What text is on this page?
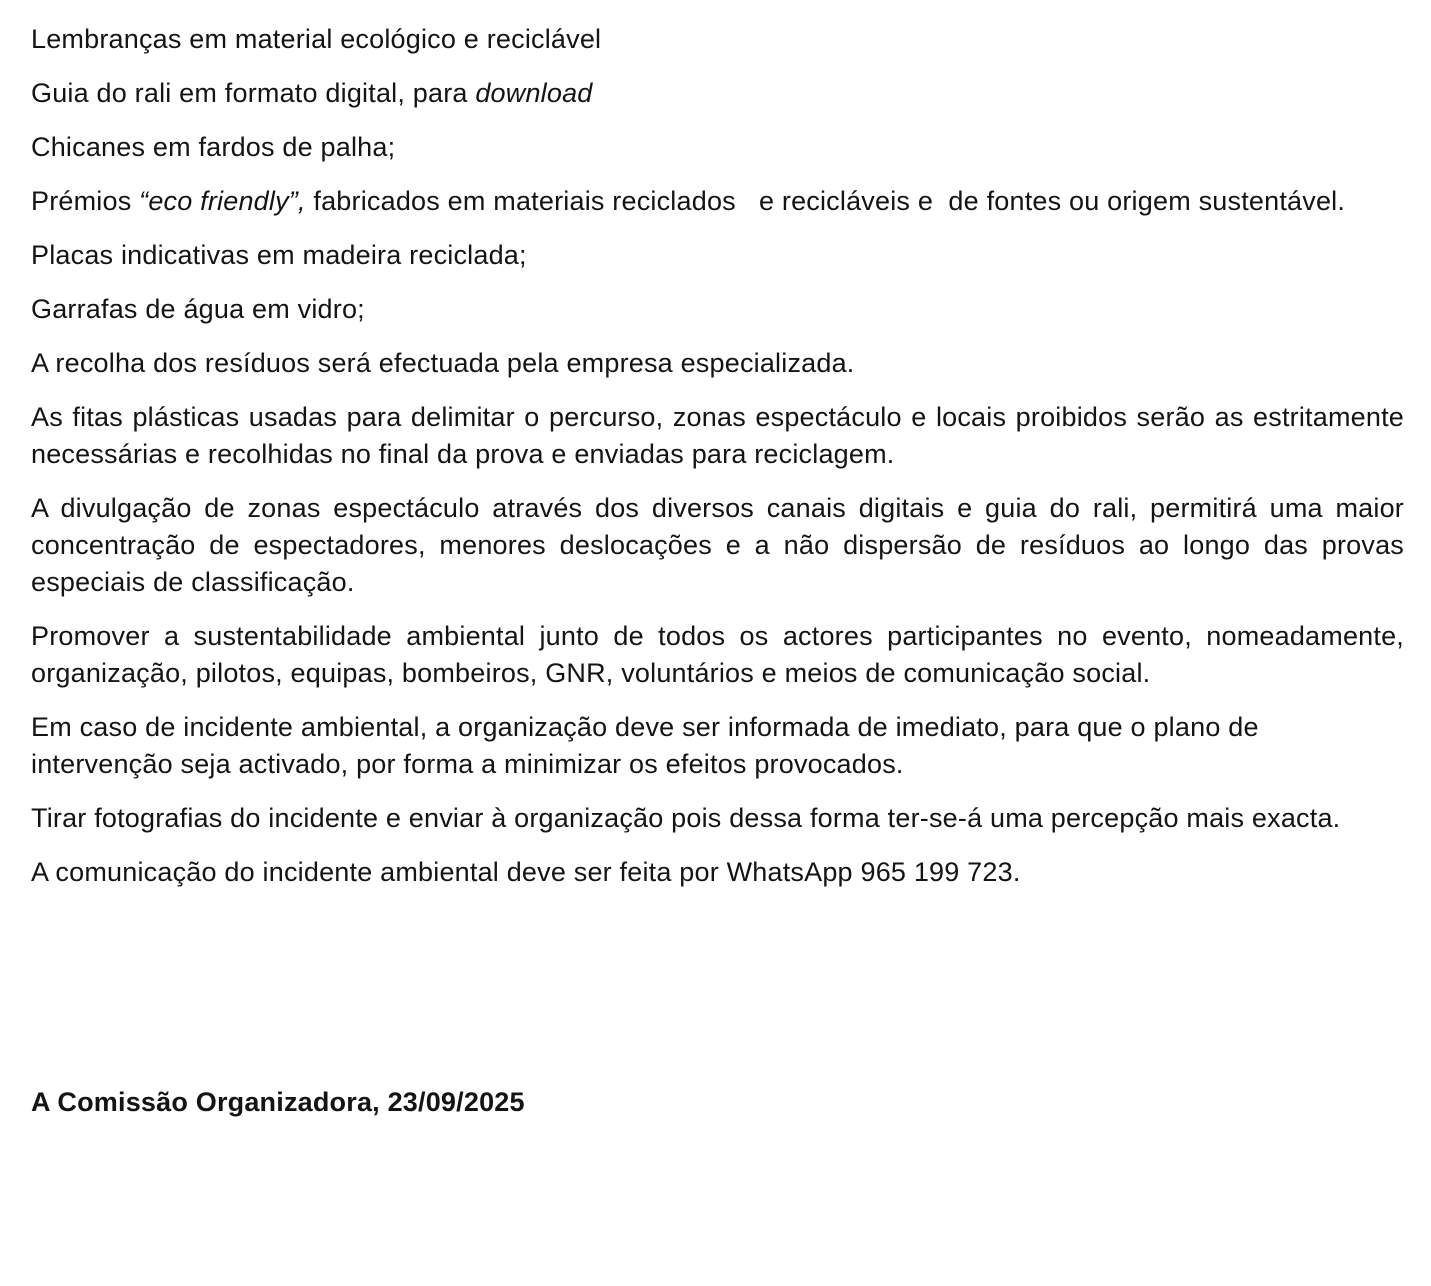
Lembranças em material ecológico e reciclável

Guia do rali em formato digital, para download

Chicanes em fardos de palha;

Prémios “eco friendly”, fabricados em materiais reciclados   e recicláveis e  de fontes ou origem sustentável.

Placas indicativas em madeira reciclada;

Garrafas de água em vidro;

A recolha dos resíduos será efectuada pela empresa especializada.

As fitas plásticas usadas para delimitar o percurso, zonas espectáculo e locais proibidos serão as estritamente necessárias e recolhidas no final da prova e enviadas para reciclagem.

A divulgação de zonas espectáculo através dos diversos canais digitais e guia do rali, permitirá uma maior concentração de espectadores, menores deslocações e a não dispersão de resíduos ao longo das provas especiais de classificação.

Promover a sustentabilidade ambiental junto de todos os actores participantes no evento, nomeadamente, organização, pilotos, equipas, bombeiros, GNR, voluntários e meios de comunicação social.

Em caso de incidente ambiental, a organização deve ser informada de imediato, para que o plano de intervenção seja activado, por forma a minimizar os efeitos provocados.

Tirar fotografias do incidente e enviar à organização pois dessa forma ter-se-á uma percepção mais exacta.

A comunicação do incidente ambiental deve ser feita por WhatsApp 965 199 723.

A Comissão Organizadora, 23/09/2025
